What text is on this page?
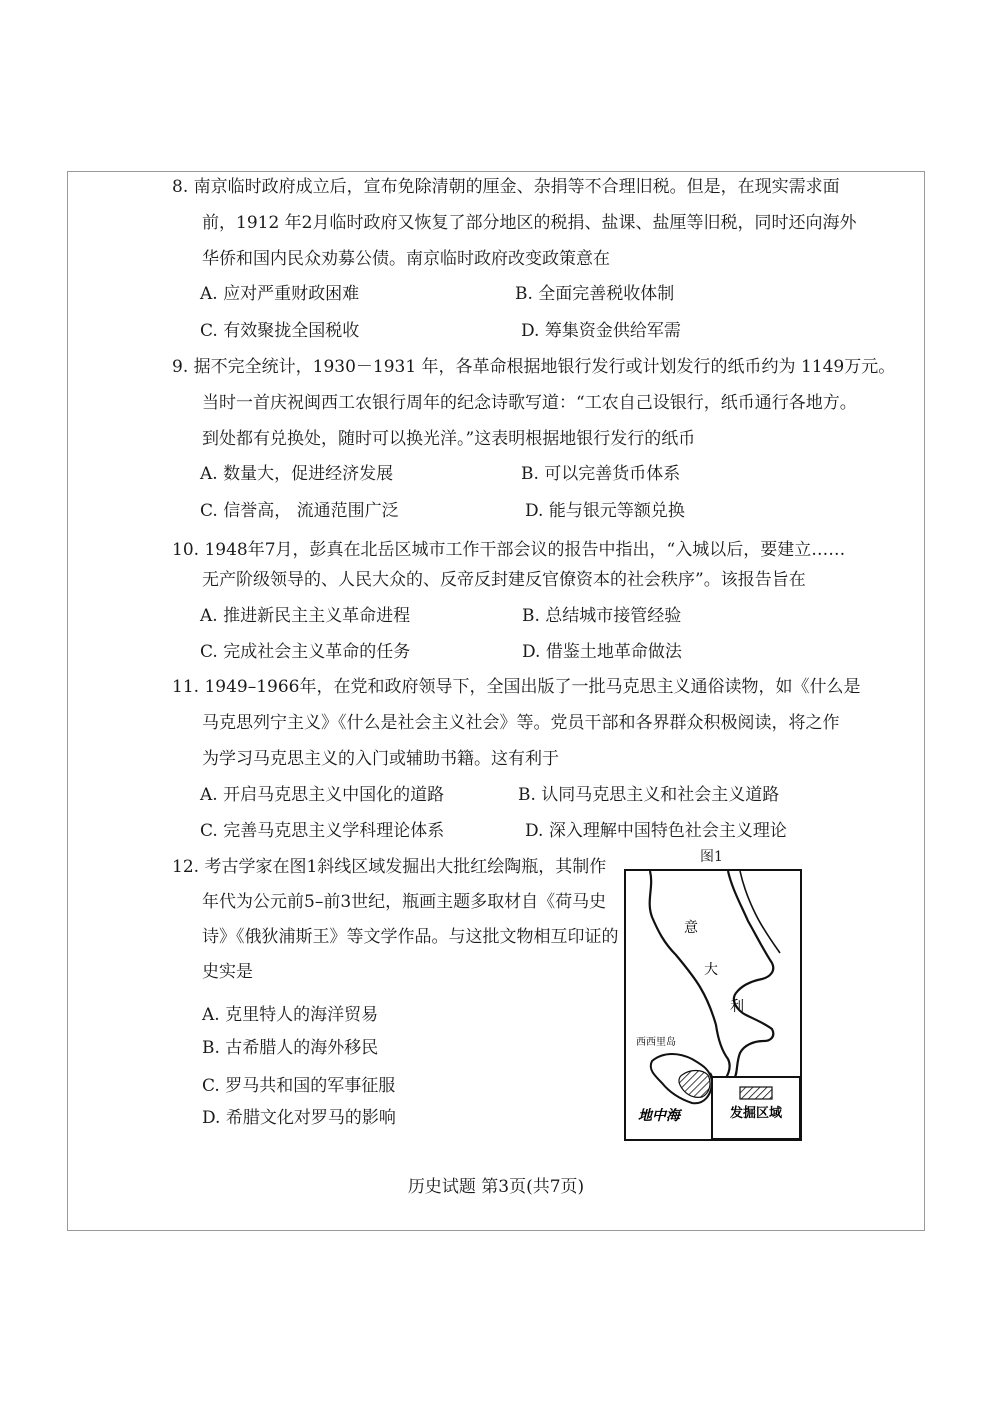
8. 南京临时政府成立后，宣布免除清朝的厘金、杂捐等不合理旧税。但是，在现实需求面
前，1912 年2月临时政府又恢复了部分地区的税捐、盐课、盐厘等旧税，同时还向海外
华侨和国内民众劝募公债。南京临时政府改变政策意在
A. 应对严重财政困难	B. 全面完善税收体制
C. 有效聚拢全国税收	D. 筹集资金供给军需
9. 据不完全统计，1930－1931 年，各革命根据地银行发行或计划发行的纸币约为 1149万元。
当时一首庆祝闽西工农银行周年的纪念诗歌写道：“工农自己设银行，纸币通行各地方。
到处都有兑换处，随时可以换光洋。”这表明根据地银行发行的纸币
A. 数量大，促进经济发展	B. 可以完善货币体系
C. 信誉高， 流通范围广泛	D. 能与银元等额兑换
10. 1948年7月，彭真在北岳区城市工作干部会议的报告中指出，“入城以后，要建立……
无产阶级领导的、人民大众的、反帝反封建反官僚资本的社会秩序”。该报告旨在
A. 推进新民主主义革命进程	B. 总结城市接管经验
C. 完成社会主义革命的任务	D. 借鉴土地革命做法
11. 1949–1966年，在党和政府领导下，全国出版了一批马克思主义通俗读物，如《什么是
马克思列宁主义》《什么是社会主义社会》等。党员干部和各界群众积极阅读，将之作
为学习马克思主义的入门或辅助书籍。这有利于
A. 开启马克思主义中国化的道路	B. 认同马克思主义和社会主义道路
C. 完善马克思主义学科理论体系	D. 深入理解中国特色社会主义理论
12. 考古学家在图1斜线区域发掘出大批红绘陶瓶，其制作
年代为公元前5–前3世纪，瓶画主题多取材自《荷马史
诗》《俄狄浦斯王》等文学作品。与这批文物相互印证的
史实是
A. 克里特人的海洋贸易
B. 古希腊人的海外移民
C. 罗马共和国的军事征服
D. 希腊文化对罗马的影响
图1
发掘区域
意
大
利
西西里岛
地中海
历史试题 第3页(共7页)
